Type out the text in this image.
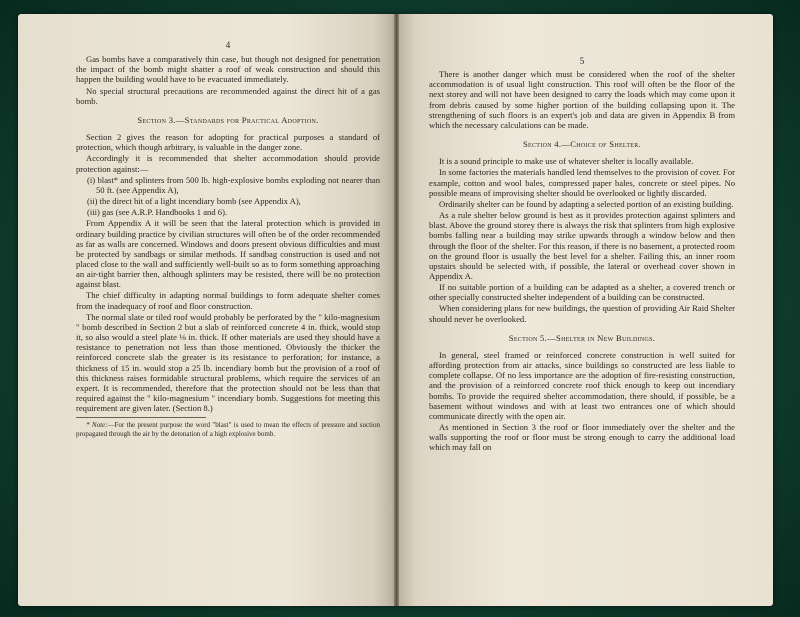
4

Gas bombs have a comparatively thin case, but though not designed for penetration the impact of the bomb might shatter a roof of weak construction and should this happen the building would have to be evacuated immediately.

No special structural precautions are recommended against the direct hit of a gas bomb.

Section 3.—Standards for Practical Adoption.

Section 2 gives the reason for adopting for practical purposes a standard of protection, which though arbitrary, is valuable in the danger zone.

Accordingly it is recommended that shelter accommodation should provide protection against:—

(i) blast* and splinters from 500 lb. high-explosive bombs exploding not nearer than 50 ft. (see Appendix A),
(ii) the direct hit of a light incendiary bomb (see Appendix A),
(iii) gas (see A.R.P. Handbooks 1 and 6).

From Appendix A it will be seen that the lateral protection which is provided in ordinary building practice by civilian structures will often be of the order recommended as far as walls are concerned. Windows and doors present obvious difficulties and must be protected by sandbags or similar methods. If sandbag construction is used and not placed close to the wall and sufficiently well-built so as to form something approaching an air-tight barrier then, although splinters may be resisted, there will be no protection against blast.

The chief difficulty in adapting normal buildings to form adequate shelter comes from the inadequacy of roof and floor construction.

The normal slate or tiled roof would probably be perforated by the " kilo-magnesium " bomb described in Section 2 but a slab of reinforced concrete 4 in. thick, would stop it, so also would a steel plate ⅛ in. thick. If other materials are used they should have a resistance to penetration not less than those mentioned. Obviously the thicker the reinforced concrete slab the greater is its resistance to perforation; for instance, a thickness of 15 in. would stop a 25 lb. incendiary bomb but the provision of a roof of this thickness raises formidable structural problems, which require the services of an expert. It is recommended, therefore that the protection should not be less than that required against the " kilo-magnesium " incendiary bomb. Suggestions for meeting this requirement are given later. (Section 8.)

* Note:—For the present purpose the word "blast" is used to mean the effects of pressure and suction propagated through the air by the detonation of a high explosive bomb.
5

There is another danger which must be considered when the roof of the shelter accommodation is of usual light construction. This roof will often be the floor of the next storey and will not have been designed to carry the loads which may come upon it from debris caused by some higher portion of the building collapsing upon it. The strengthening of such floors is an expert's job and data are given in Appendix B from which the necessary calculations can be made.

Section 4.—Choice of Shelter.

It is a sound principle to make use of whatever shelter is locally available.

In some factories the materials handled lend themselves to the provision of cover. For example, cotton and wool bales, compressed paper bales, concrete or steel pipes. No possible means of improvising shelter should be overlooked or lightly discarded.

Ordinarily shelter can be found by adapting a selected portion of an existing building.

As a rule shelter below ground is best as it provides protection against splinters and blast. Above the ground storey there is always the risk that splinters from high explosive bombs falling near a building may strike upwards through a window below and then through the floor of the shelter. For this reason, if there is no basement, a protected room on the ground floor is usually the best level for a shelter. Failing this, an inner room upstairs should be selected with, if possible, the lateral or overhead cover shown in Appendix A.

If no suitable portion of a building can be adapted as a shelter, a covered trench or other specially constructed shelter independent of a building can be constructed.

When considering plans for new buildings, the question of providing Air Raid Shelter should never be overlooked.

Section 5.—Shelter in New Buildings.

In general, steel framed or reinforced concrete construction is well suited for affording protection from air attacks, since buildings so constructed are less liable to complete collapse. Of no less importance are the adoption of fire-resisting construction, and the provision of a reinforced concrete roof thick enough to keep out incendiary bombs. To provide the required shelter accommodation, there should, if possible, be a basement without windows and with at least two entrances one of which should communicate directly with the open air.

As mentioned in Section 3 the roof or floor immediately over the shelter and the walls supporting the roof or floor must be strong enough to carry the additional load which may fall on
